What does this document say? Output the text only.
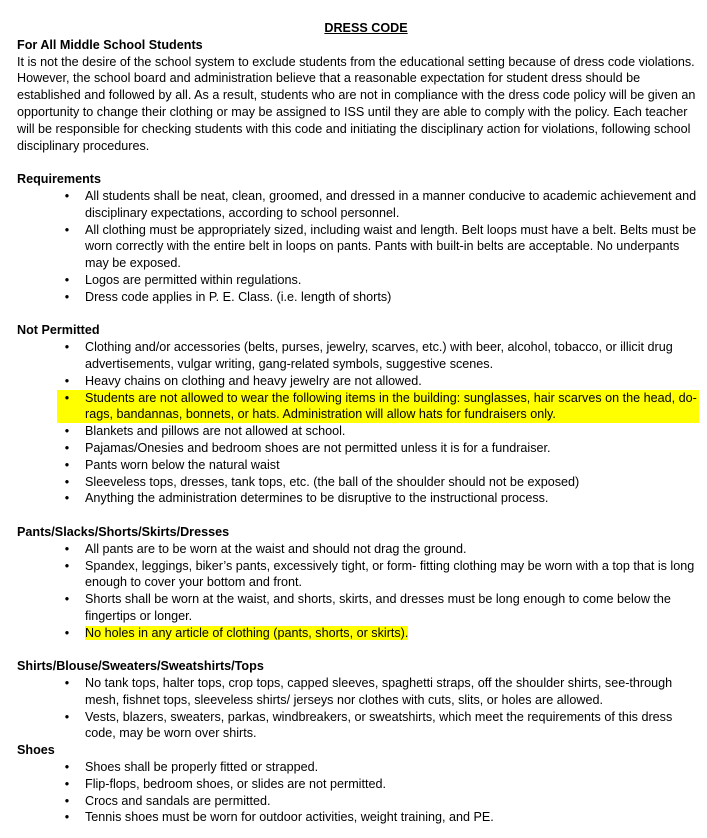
DRESS CODE
For All Middle School Students

It is not the desire of the school system to exclude students from the educational setting because of dress code violations. However, the school board and administration believe that a reasonable expectation for student dress should be established and followed by all. As a result, students who are not in compliance with the dress code policy will be given an opportunity to change their clothing or may be assigned to ISS until they are able to comply with the policy. Each teacher will be responsible for checking students with this code and initiating the disciplinary action for violations, following school disciplinary procedures.

Requirements
•	All students shall be neat, clean, groomed, and dressed in a manner conducive to academic achievement and disciplinary expectations, according to school personnel.
•	All clothing must be appropriately sized, including waist and length. Belt loops must have a belt. Belts must be worn correctly with the entire belt in loops on pants. Pants with built-in belts are acceptable. No underpants may be exposed.
•	Logos are permitted within regulations.
•	Dress code applies in P. E. Class. (i.e. length of shorts)
Not Permitted
•	Clothing and/or accessories (belts, purses, jewelry, scarves, etc.) with beer, alcohol, tobacco, or illicit drug advertisements, vulgar writing, gang-related symbols, suggestive scenes.
•	Heavy chains on clothing and heavy jewelry are not allowed.
•	Students are not allowed to wear the following items in the building: sunglasses, hair scarves on the head, do-rags, bandannas, bonnets, or hats. Administration will allow hats for fundraisers only.
•	Blankets and pillows are not allowed at school.
•	Pajamas/Onesies and bedroom shoes are not permitted unless it is for a fundraiser.
•	Pants worn below the natural waist
•	Sleeveless tops, dresses, tank tops, etc. (the ball of the shoulder should not be exposed)
•	Anything the administration determines to be disruptive to the instructional process.
Pants/Slacks/Shorts/Skirts/Dresses
•	All pants are to be worn at the waist and should not drag the ground.
•	Spandex, leggings, biker’s pants, excessively tight, or form- fitting clothing may be worn with a top that is long enough to cover your bottom and front.
•	Shorts shall be worn at the waist, and shorts, skirts, and dresses must be long enough to come below the fingertips or longer.
•	No holes in any article of clothing (pants, shorts, or skirts).
Shirts/Blouse/Sweaters/Sweatshirts/Tops
•	No tank tops, halter tops, crop tops, capped sleeves, spaghetti straps, off the shoulder shirts, see-through mesh, fishnet tops, sleeveless shirts/ jerseys nor clothes with cuts, slits, or holes are allowed.
•	Vests, blazers, sweaters, parkas, windbreakers, or sweatshirts, which meet the requirements of this dress code, may be worn over shirts.
Shoes
•	Shoes shall be properly fitted or strapped.
•	Flip-flops, bedroom shoes, or slides are not permitted.
•	Crocs and sandals are permitted.
•	Tennis shoes must be worn for outdoor activities, weight training, and PE.
